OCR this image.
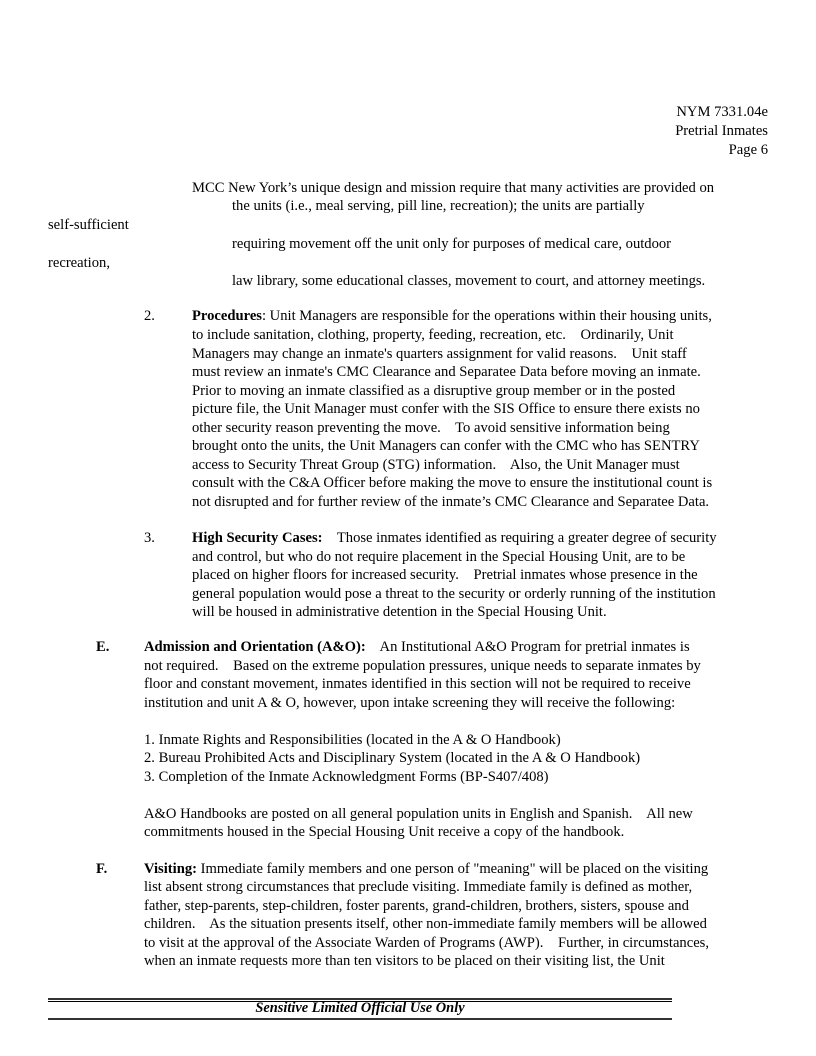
NYM 7331.04e
Pretrial Inmates
Page 6
MCC New York’s unique design and mission require that many activities are provided on
the units (i.e., meal serving, pill line, recreation); the units are partially
self-sufficient
requiring movement off the unit only for purposes of medical care, outdoor
recreation,
law library, some educational classes, movement to court, and attorney meetings.
2.	Procedures: Unit Managers are responsible for the operations within their housing units,
to include sanitation, clothing, property, feeding, recreation, etc.    Ordinarily, Unit
Managers may change an inmate's quarters assignment for valid reasons.    Unit staff
must review an inmate's CMC Clearance and Separatee Data before moving an inmate.
Prior to moving an inmate classified as a disruptive group member or in the posted
picture file, the Unit Manager must confer with the SIS Office to ensure there exists no
other security reason preventing the move.    To avoid sensitive information being
brought onto the units, the Unit Managers can confer with the CMC who has SENTRY
access to Security Threat Group (STG) information.    Also, the Unit Manager must
consult with the C&A Officer before making the move to ensure the institutional count is
not disrupted and for further review of the inmate’s CMC Clearance and Separatee Data.
3.	High Security Cases:    Those inmates identified as requiring a greater degree of security
and control, but who do not require placement in the Special Housing Unit, are to be
placed on higher floors for increased security.    Pretrial inmates whose presence in the
general population would pose a threat to the security or orderly running of the institution
will be housed in administrative detention in the Special Housing Unit.
E. Admission and Orientation (A&O):    An Institutional A&O Program for pretrial inmates is
not required.    Based on the extreme population pressures, unique needs to separate inmates by
floor and constant movement, inmates identified in this section will not be required to receive
institution and unit A & O, however, upon intake screening they will receive the following:
1. Inmate Rights and Responsibilities (located in the A & O Handbook)
2. Bureau Prohibited Acts and Disciplinary System (located in the A & O Handbook)
3. Completion of the Inmate Acknowledgment Forms (BP-S407/408)
A&O Handbooks are posted on all general population units in English and Spanish.    All new
commitments housed in the Special Housing Unit receive a copy of the handbook.
F.	Visiting: Immediate family members and one person of "meaning" will be placed on the visiting
list absent strong circumstances that preclude visiting. Immediate family is defined as mother,
father, step-parents, step-children, foster parents, grand-children, brothers, sisters, spouse and
children.    As the situation presents itself, other non-immediate family members will be allowed
to visit at the approval of the Associate Warden of Programs (AWP).    Further, in circumstances,
when an inmate requests more than ten visitors to be placed on their visiting list, the Unit
Sensitive Limited Official Use Only
